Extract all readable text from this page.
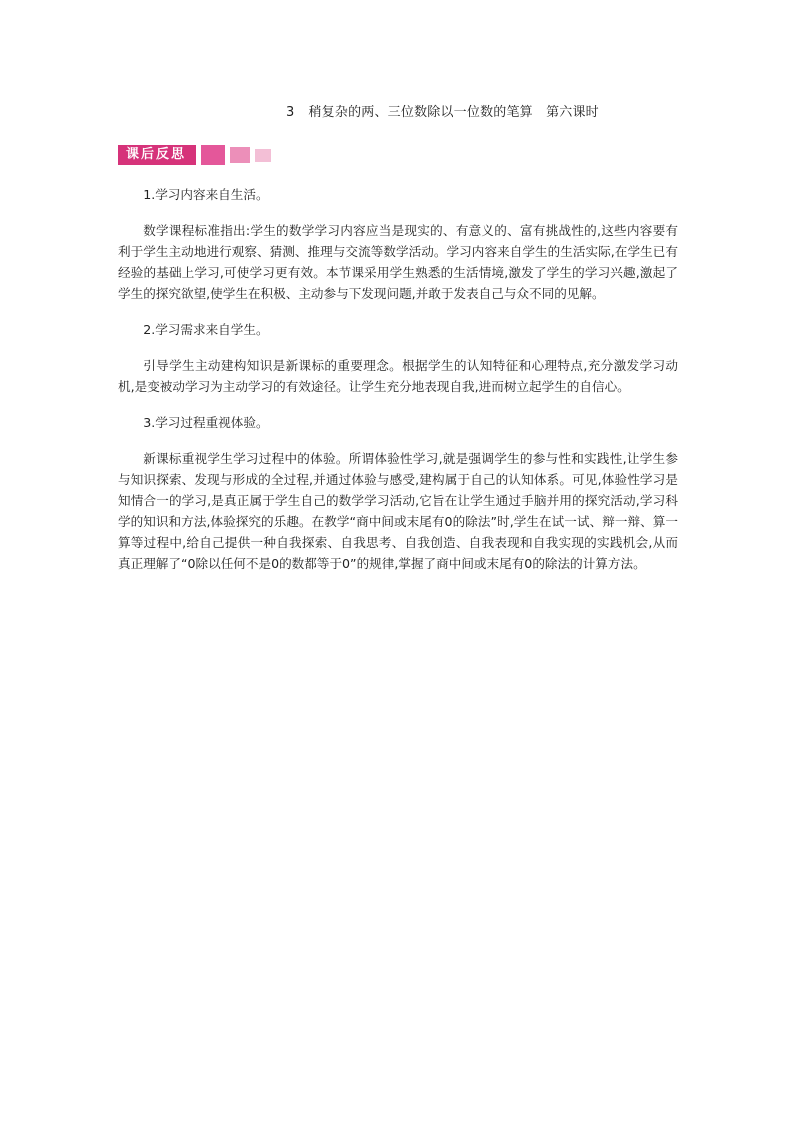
3 稍复杂的两、三位数除以一位数的笔算　第六课时
课后反思

1.学习内容来自生活。

数学课程标准指出:学生的数学学习内容应当是现实的、有意义的、富有挑战性的,这些内容要有利于学生主动地进行观察、猜测、推理与交流等数学活动。学习内容来自学生的生活实际,在学生已有经验的基础上学习,可使学习更有效。本节课采用学生熟悉的生活情境,激发了学生的学习兴趣,激起了学生的探究欲望,使学生在积极、主动参与下发现问题,并敢于发表自己与众不同的见解。

2.学习需求来自学生。

引导学生主动建构知识是新课标的重要理念。根据学生的认知特征和心理特点,充分激发学习动机,是变被动学习为主动学习的有效途径。让学生充分地表现自我,进而树立起学生的自信心。

3.学习过程重视体验。

新课标重视学生学习过程中的体验。所谓体验性学习,就是强调学生的参与性和实践性,让学生参与知识探索、发现与形成的全过程,并通过体验与感受,建构属于自己的认知体系。可见,体验性学习是知情合一的学习,是真正属于学生自己的数学学习活动,它旨在让学生通过手脑并用的探究活动,学习科学的知识和方法,体验探究的乐趣。在教学“商中间或末尾有0的除法”时,学生在试一试、辩一辩、算一算等过程中,给自己提供一种自我探索、自我思考、自我创造、自我表现和自我实现的实践机会,从而真正理解了“0除以任何不是0的数都等于0”的规律,掌握了商中间或末尾有0的除法的计算方法。
